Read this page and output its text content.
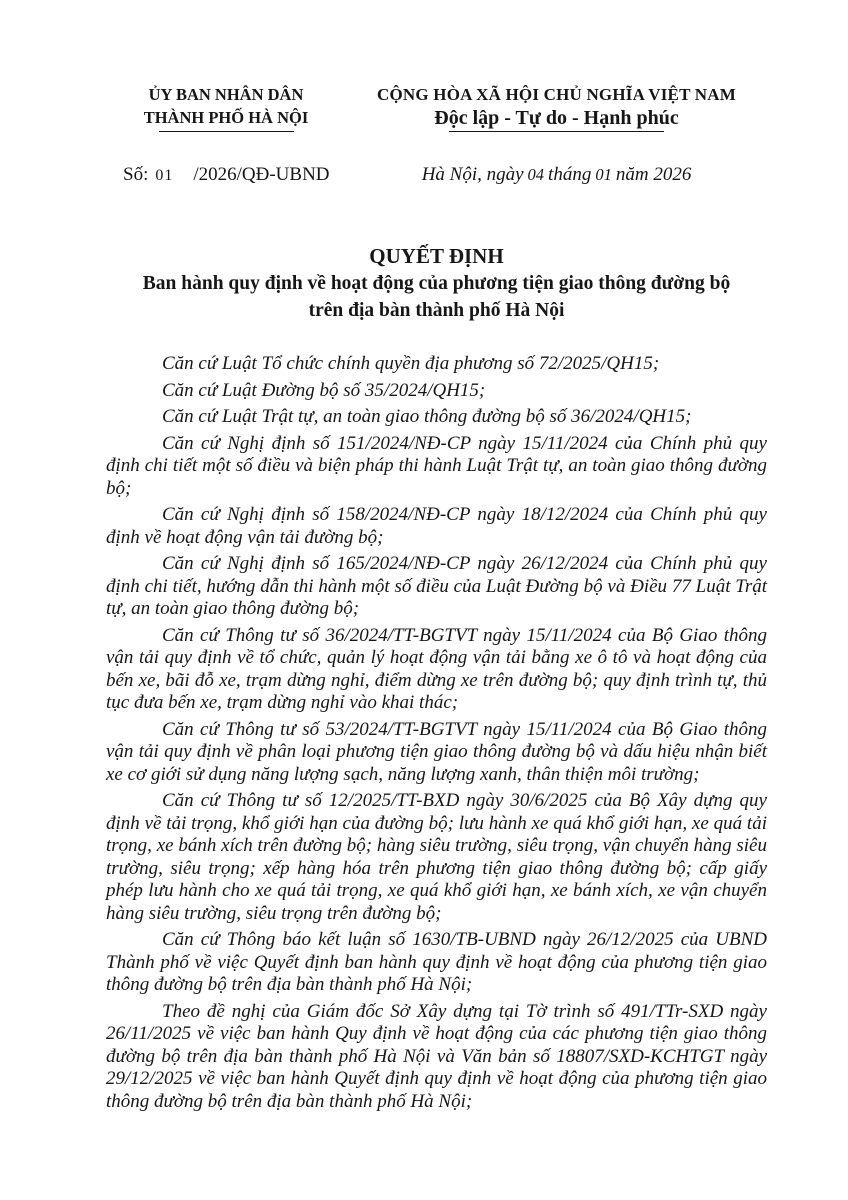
ỦY BAN NHÂN DÂN
THÀNH PHỐ HÀ NỘI
CỘNG HÒA XÃ HỘI CHỦ NGHĨA VIỆT NAM
Độc lập - Tự do - Hạnh phúc
Số: 01 /2026/QĐ-UBND	Hà Nội, ngày 04 tháng 01 năm 2026
QUYẾT ĐỊNH
Ban hành quy định về hoạt động của phương tiện giao thông đường bộ
trên địa bàn thành phố Hà Nội

Căn cứ Luật Tổ chức chính quyền địa phương số 72/2025/QH15;

Căn cứ Luật Đường bộ số 35/2024/QH15;

Căn cứ Luật Trật tự, an toàn giao thông đường bộ số 36/2024/QH15;

Căn cứ Nghị định số 151/2024/NĐ-CP ngày 15/11/2024 của Chính phủ quy định chi tiết một số điều và biện pháp thi hành Luật Trật tự, an toàn giao thông đường bộ;

Căn cứ Nghị định số 158/2024/NĐ-CP ngày 18/12/2024 của Chính phủ quy định về hoạt động vận tải đường bộ;

Căn cứ Nghị định số 165/2024/NĐ-CP ngày 26/12/2024 của Chính phủ quy định chi tiết, hướng dẫn thi hành một số điều của Luật Đường bộ và Điều 77 Luật Trật tự, an toàn giao thông đường bộ;

Căn cứ Thông tư số 36/2024/TT-BGTVT ngày 15/11/2024 của Bộ Giao thông vận tải quy định về tổ chức, quản lý hoạt động vận tải bằng xe ô tô và hoạt động của bến xe, bãi đỗ xe, trạm dừng nghỉ, điểm dừng xe trên đường bộ; quy định trình tự, thủ tục đưa bến xe, trạm dừng nghỉ vào khai thác;

Căn cứ Thông tư số 53/2024/TT-BGTVT ngày 15/11/2024 của Bộ Giao thông vận tải quy định về phân loại phương tiện giao thông đường bộ và dấu hiệu nhận biết xe cơ giới sử dụng năng lượng sạch, năng lượng xanh, thân thiện môi trường;

Căn cứ Thông tư số 12/2025/TT-BXD ngày 30/6/2025 của Bộ Xây dựng quy định về tải trọng, khổ giới hạn của đường bộ; lưu hành xe quá khổ giới hạn, xe quá tải trọng, xe bánh xích trên đường bộ; hàng siêu trường, siêu trọng, vận chuyển hàng siêu trường, siêu trọng; xếp hàng hóa trên phương tiện giao thông đường bộ; cấp giấy phép lưu hành cho xe quá tải trọng, xe quá khổ giới hạn, xe bánh xích, xe vận chuyển hàng siêu trường, siêu trọng trên đường bộ;

Căn cứ Thông báo kết luận số 1630/TB-UBND ngày 26/12/2025 của UBND Thành phố về việc Quyết định ban hành quy định về hoạt động của phương tiện giao thông đường bộ trên địa bàn thành phố Hà Nội;

Theo đề nghị của Giám đốc Sở Xây dựng tại Tờ trình số 491/TTr-SXD ngày 26/11/2025 về việc ban hành Quy định về hoạt động của các phương tiện giao thông đường bộ trên địa bàn thành phố Hà Nội và Văn bản số 18807/SXD-KCHTGT ngày 29/12/2025 về việc ban hành Quyết định quy định về hoạt động của phương tiện giao thông đường bộ trên địa bàn thành phố Hà Nội;
